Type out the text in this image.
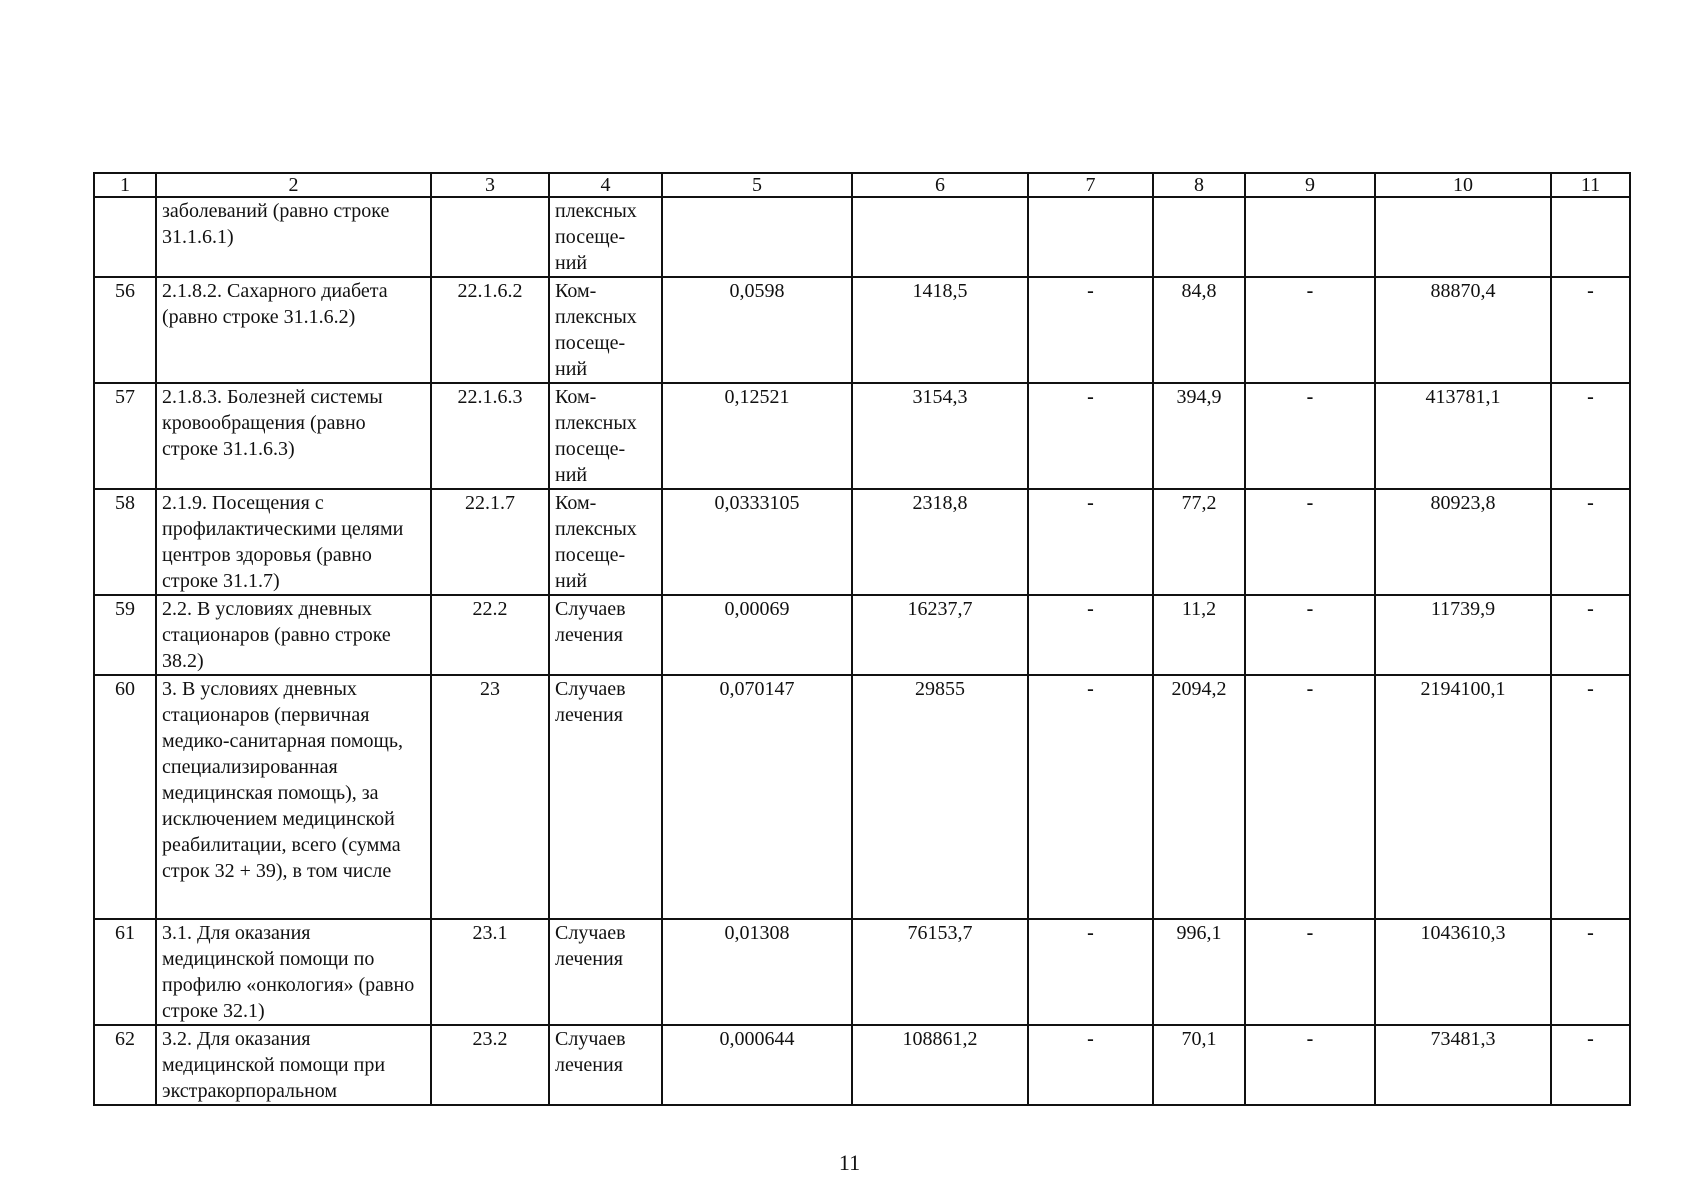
1	2	3	4	5	6	7	8	9	10	11
	заболеваний (равно строке 31.1.6.1)		плексных посеще-ний							
56	2.1.8.2. Сахарного диабета (равно строке 31.1.6.2)	22.1.6.2	Ком-плексных посеще-ний	0,0598	1418,5	-	84,8	-	88870,4	-
57	2.1.8.3. Болезней системы кровообращения (равно строке 31.1.6.3)	22.1.6.3	Ком-плексных посеще-ний	0,12521	3154,3	-	394,9	-	413781,1	-
58	2.1.9. Посещения с профилактическими целями центров здоровья (равно строке 31.1.7)	22.1.7	Ком-плексных посеще-ний	0,0333105	2318,8	-	77,2	-	80923,8	-
59	2.2. В условиях дневных стационаров (равно строке 38.2)	22.2	Случаев лечения	0,00069	16237,7	-	11,2	-	11739,9	-
60	3. В условиях дневных стационаров (первичная медико-санитарная помощь, специализированная медицинская помощь), за исключением медицинской реабилитации, всего (сумма строк 32 + 39), в том числе	23	Случаев лечения	0,070147	29855	-	2094,2	-	2194100,1	-
61	3.1. Для оказания медицинской помощи по профилю «онкология» (равно строке 32.1)	23.1	Случаев лечения	0,01308	76153,7	-	996,1	-	1043610,3	-
62	3.2. Для оказания медицинской помощи при экстракорпоральном	23.2	Случаев лечения	0,000644	108861,2	-	70,1	-	73481,3	-
11
